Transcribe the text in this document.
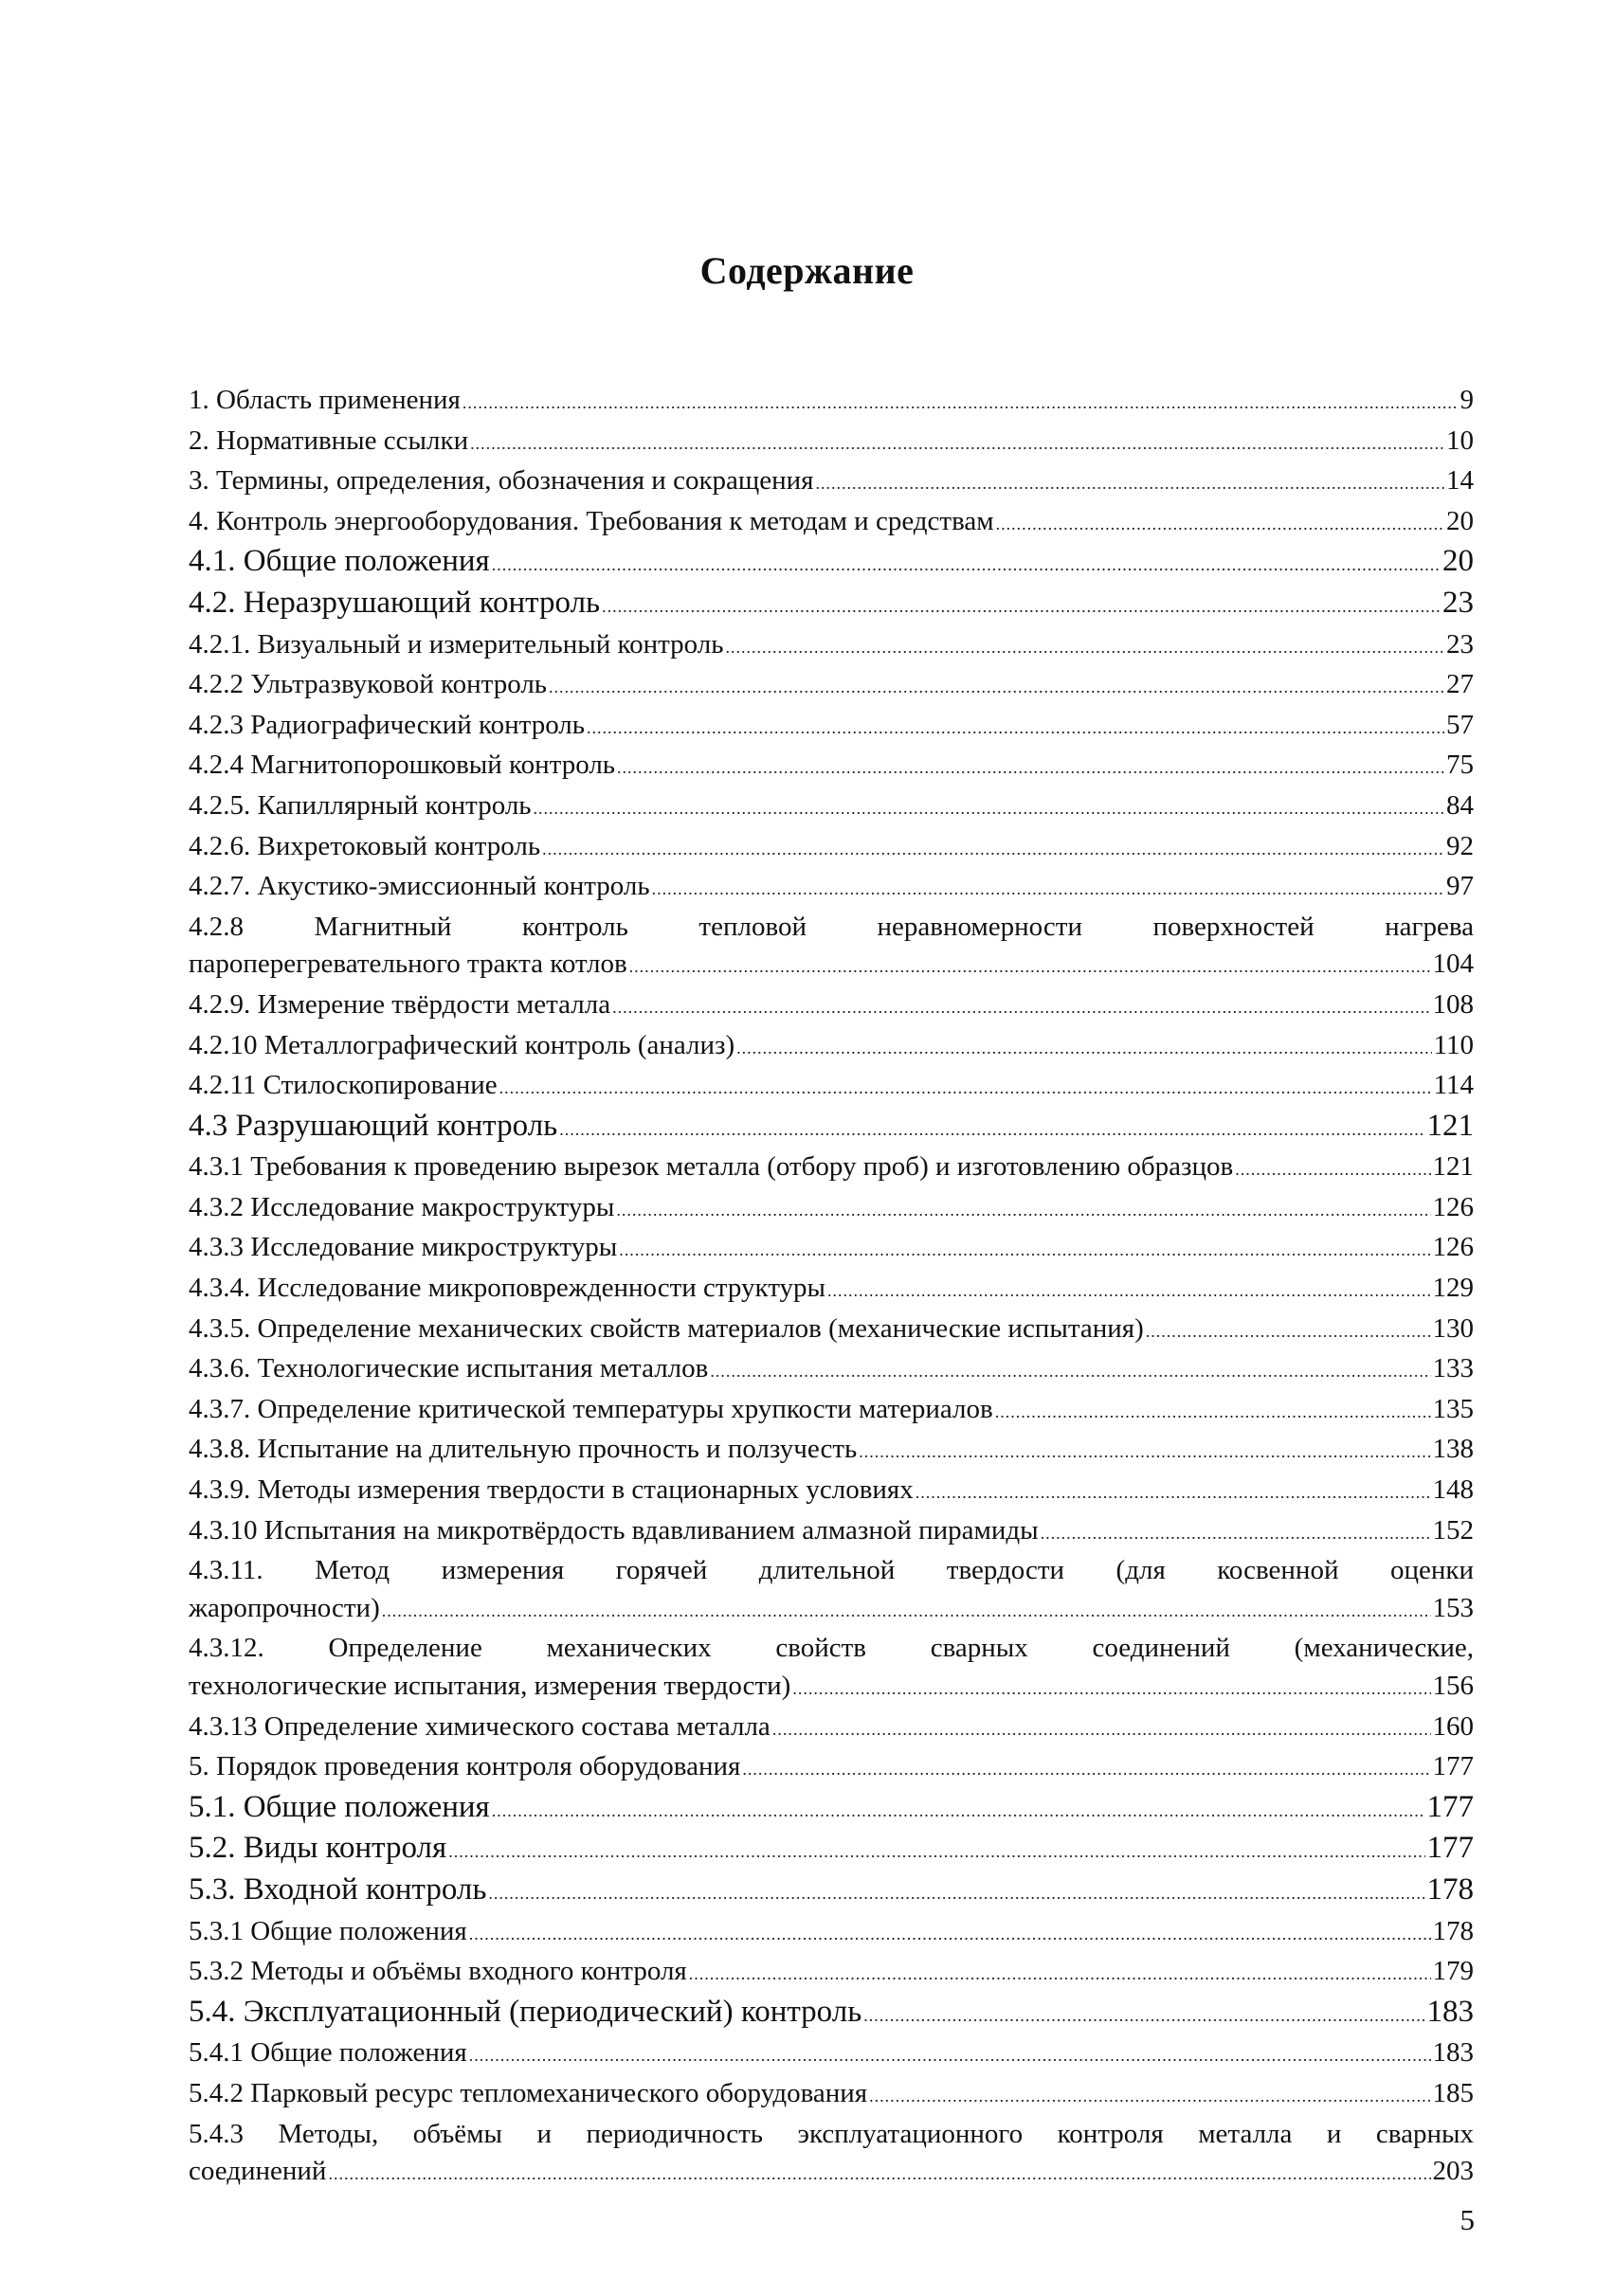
Содержание
1. Область применения .....	9
2. Нормативные ссылки .....	10
3. Термины, определения, обозначения и сокращения .....	14
4. Контроль энергооборудования. Требования к методам и средствам .....	20
4.1. Общие положения .....	20
4.2. Неразрушающий контроль .....	23
4.2.1. Визуальный и измерительный контроль .....	23
4.2.2 Ультразвуковой контроль .....	27
4.2.3 Радиографический контроль .....	57
4.2.4 Магнитопорошковый контроль .....	75
4.2.5. Капиллярный контроль .....	84
4.2.6. Вихретоковый контроль .....	92
4.2.7. Акустико-эмиссионный контроль .....	97
4.2.8 Магнитный контроль тепловой неравномерности поверхностей нагрева
пароперегревательного тракта котлов .....	104
4.2.9. Измерение твёрдости металла .....	108
4.2.10 Металлографический контроль (анализ) .....	110
4.2.11 Стилоскопирование .....	114
4.3 Разрушающий контроль .....	121
4.3.1 Требования к проведению вырезок металла (отбору проб) и изготовлению образцов .....	121
4.3.2 Исследование макроструктуры .....	126
4.3.3 Исследование микроструктуры .....	126
4.3.4. Исследование микроповрежденности структуры .....	129
4.3.5. Определение механических свойств материалов (механические испытания) .....	130
4.3.6. Технологические испытания металлов .....	133
4.3.7. Определение критической температуры хрупкости материалов .....	135
4.3.8. Испытание на длительную прочность и ползучесть .....	138
4.3.9. Методы измерения твердости в стационарных условиях .....	148
4.3.10 Испытания на микротвёрдость вдавливанием алмазной пирамиды .....	152
4.3.11. Метод измерения горячей длительной твердости (для косвенной оценки
жаропрочности) .....	153
4.3.12. Определение механических свойств сварных соединений (механические,
технологические испытания, измерения твердости) .....	156
4.3.13 Определение химического состава металла .....	160
5. Порядок проведения контроля оборудования .....	177
5.1. Общие положения .....	177
5.2. Виды контроля .....	177
5.3. Входной контроль .....	178
5.3.1 Общие положения .....	178
5.3.2 Методы и объёмы входного контроля .....	179
5.4. Эксплуатационный (периодический) контроль .....	183
5.4.1 Общие положения .....	183
5.4.2 Парковый ресурс тепломеханического оборудования .....	185
5.4.3 Методы, объёмы и периодичность эксплуатационного контроля металла и сварных
соединений .....	203
5
